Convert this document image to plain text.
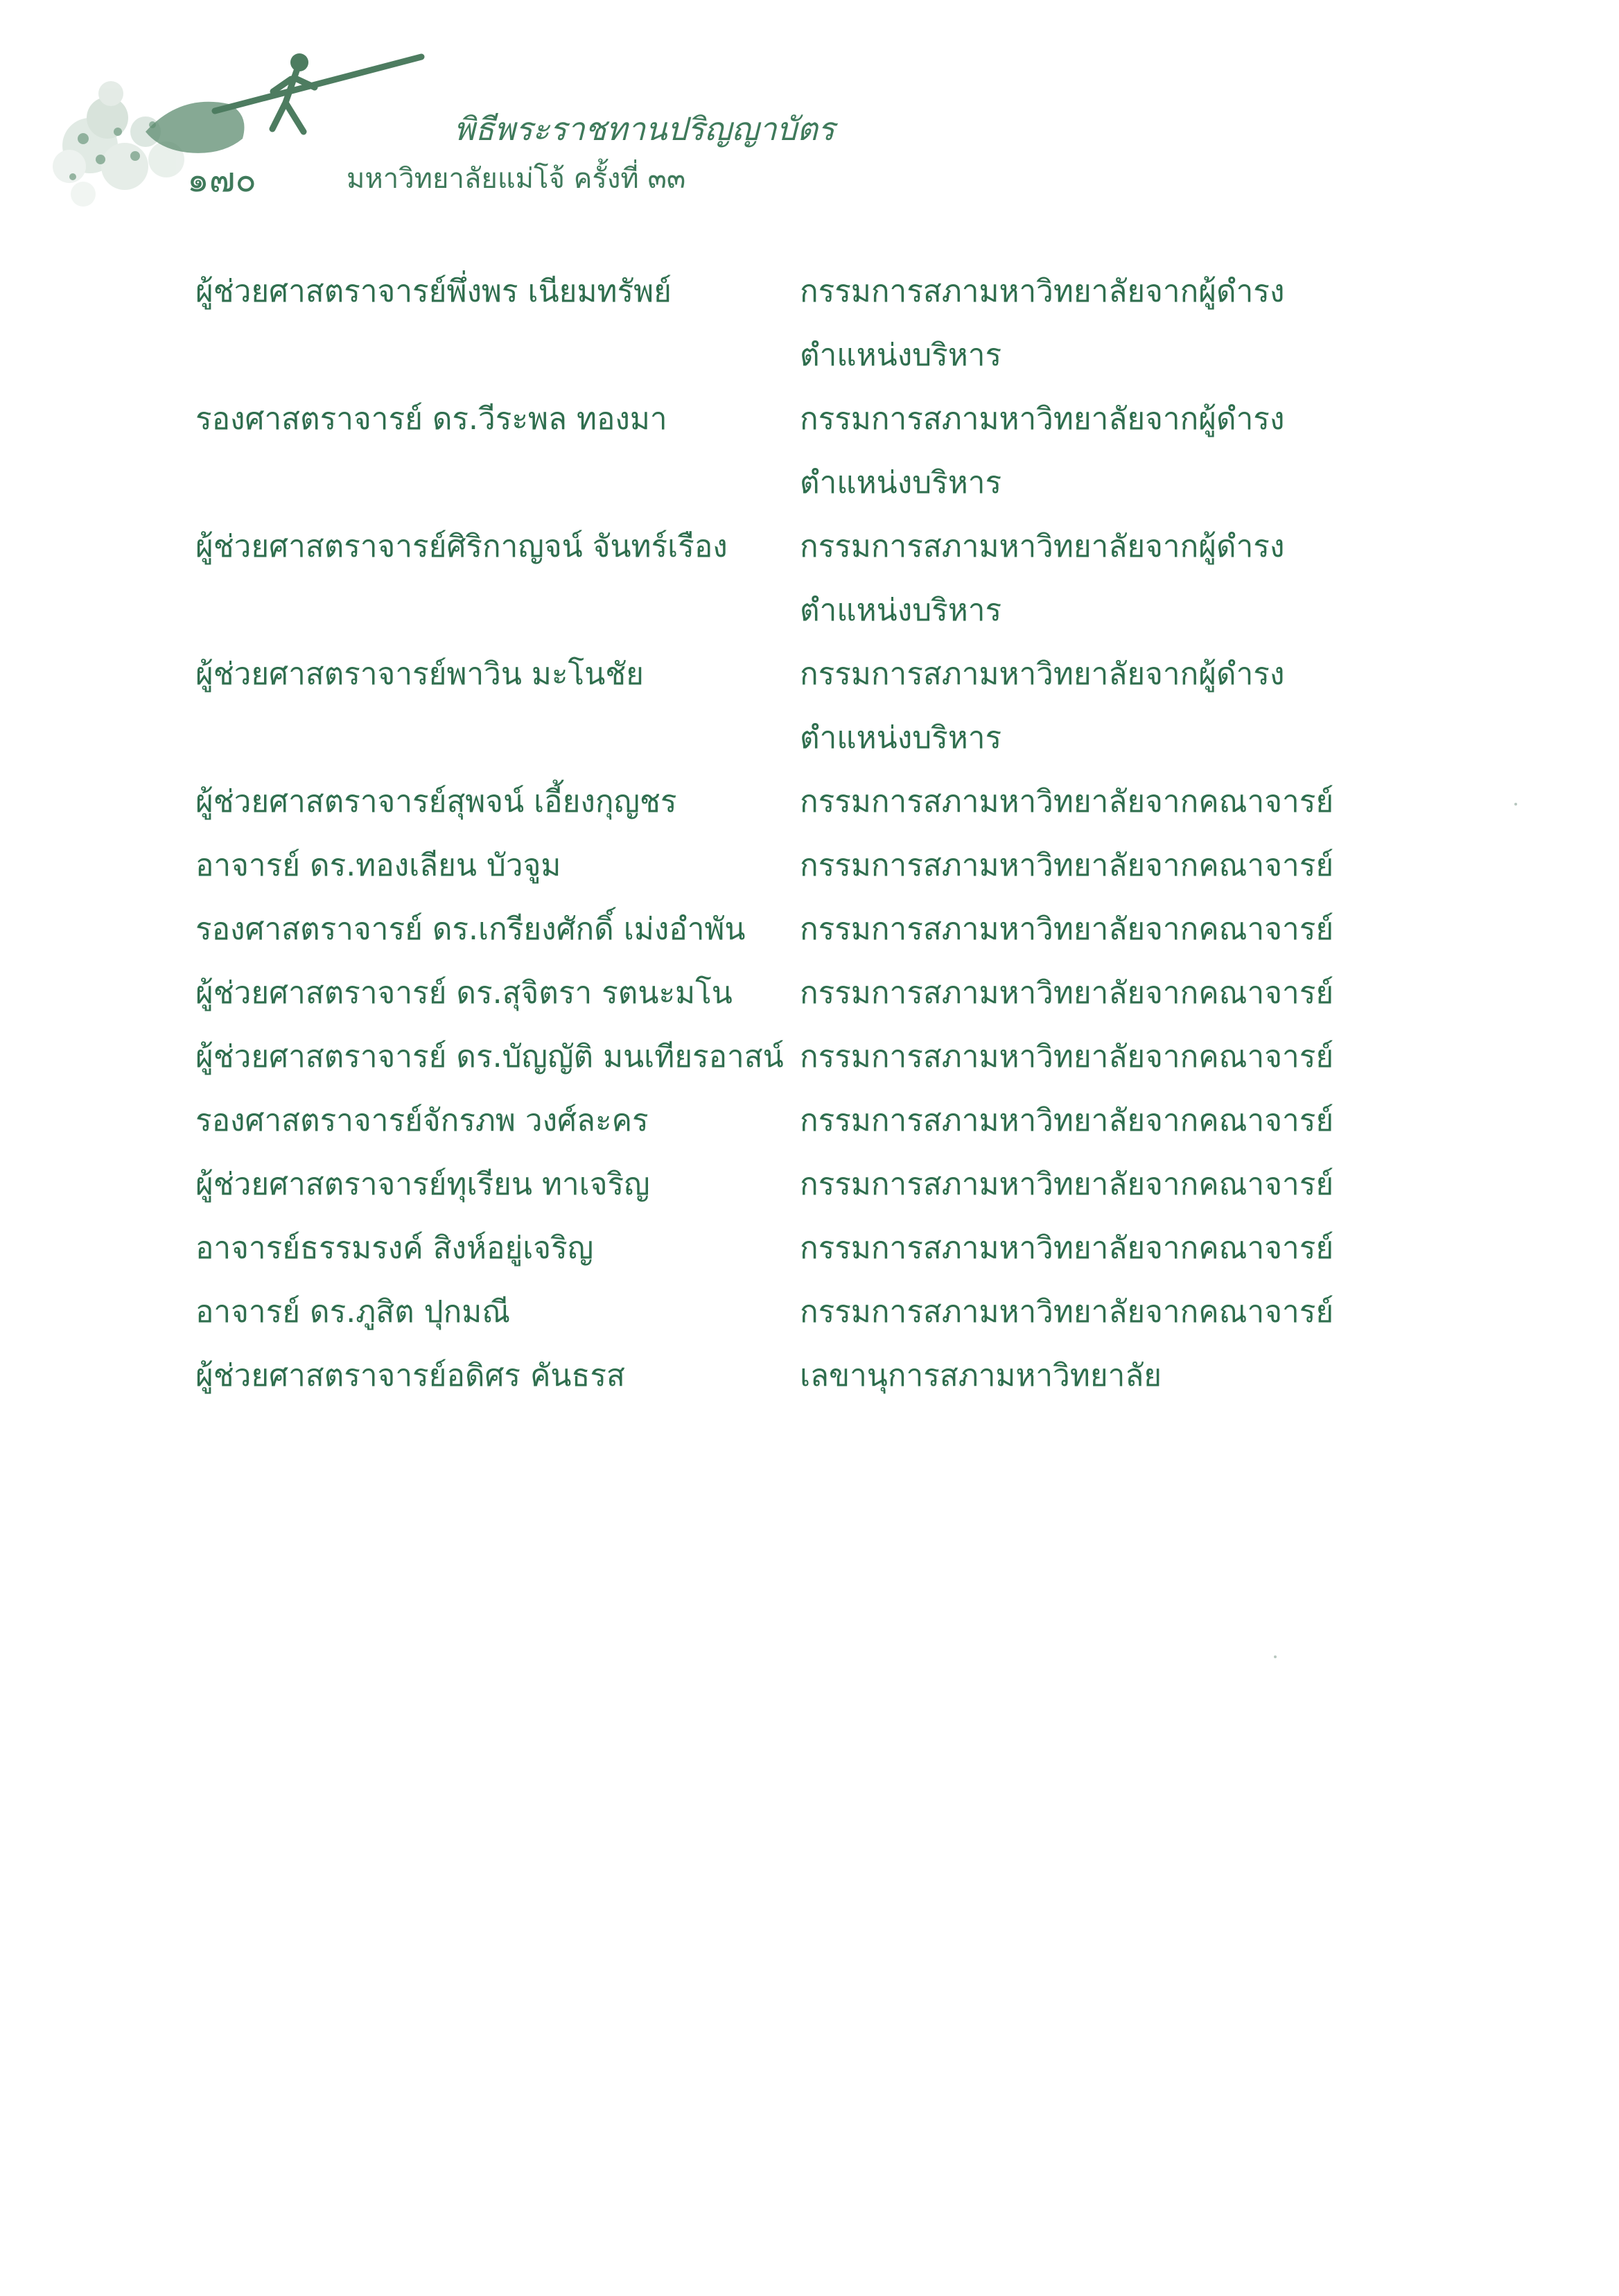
พิธีพระราชทานปริญญาบัตร
๑๗๐	มหาวิทยาลัยแม่โจ้ ครั้งที่ ๓๓
ผู้ช่วยศาสตราจารย์พึ่งพร เนียมทรัพย์	กรรมการสภามหาวิทยาลัยจากผู้ดำรง
ตำแหน่งบริหาร
รองศาสตราจารย์ ดร.วีระพล ทองมา	กรรมการสภามหาวิทยาลัยจากผู้ดำรง
ตำแหน่งบริหาร
ผู้ช่วยศาสตราจารย์ศิริกาญจน์ จันทร์เรือง	กรรมการสภามหาวิทยาลัยจากผู้ดำรง
ตำแหน่งบริหาร
ผู้ช่วยศาสตราจารย์พาวิน มะโนชัย	กรรมการสภามหาวิทยาลัยจากผู้ดำรง
ตำแหน่งบริหาร
ผู้ช่วยศาสตราจารย์สุพจน์ เอี้ยงกุญชร	กรรมการสภามหาวิทยาลัยจากคณาจารย์
อาจารย์ ดร.ทองเลียน บัวจูม	กรรมการสภามหาวิทยาลัยจากคณาจารย์
รองศาสตราจารย์ ดร.เกรียงศักดิ์ เม่งอำพัน	กรรมการสภามหาวิทยาลัยจากคณาจารย์
ผู้ช่วยศาสตราจารย์ ดร.สุจิตรา รตนะมโน	กรรมการสภามหาวิทยาลัยจากคณาจารย์
ผู้ช่วยศาสตราจารย์ ดร.บัญญัติ มนเทียรอาสน์ กรรมการสภามหาวิทยาลัยจากคณาจารย์
รองศาสตราจารย์จักรภพ วงศ์ละคร	กรรมการสภามหาวิทยาลัยจากคณาจารย์
ผู้ช่วยศาสตราจารย์ทุเรียน ทาเจริญ	กรรมการสภามหาวิทยาลัยจากคณาจารย์
อาจารย์ธรรมรงค์ สิงห์อยู่เจริญ	กรรมการสภามหาวิทยาลัยจากคณาจารย์
อาจารย์ ดร.ภูสิต ปุกมณี	กรรมการสภามหาวิทยาลัยจากคณาจารย์
ผู้ช่วยศาสตราจารย์อดิศร คันธรส	เลขานุการสภามหาวิทยาลัย
